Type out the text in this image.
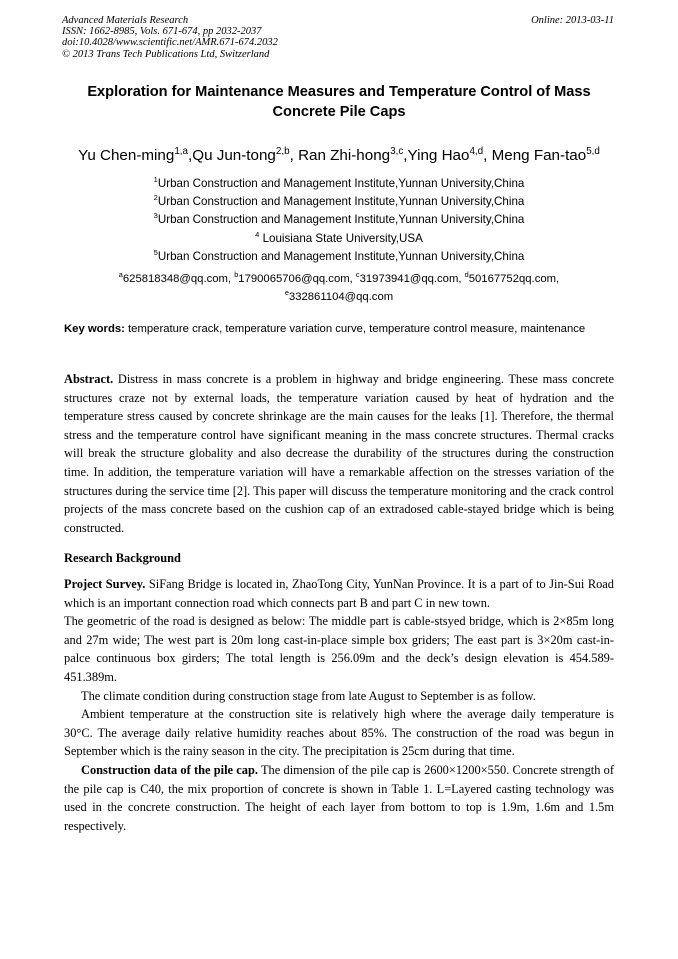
Advanced Materials Research
ISSN: 1662-8985, Vols. 671-674, pp 2032-2037
doi:10.4028/www.scientific.net/AMR.671-674.2032
© 2013 Trans Tech Publications Ltd, Switzerland
Online: 2013-03-11
Exploration for Maintenance Measures and Temperature Control of Mass Concrete Pile Caps
Yu Chen-ming$^{1,a}$,Qu Jun-tong$^{2,b}$, Ran Zhi-hong$^{3,c}$,Ying Hao$^{4,d}$, Meng Fan-tao$^{5,d}$
$^1$Urban Construction and Management Institute,Yunnan University,China
$^2$Urban Construction and Management Institute,Yunnan University,China
$^3$Urban Construction and Management Institute,Yunnan University,China
$^4$ Louisiana State University,USA
$^5$Urban Construction and Management Institute,Yunnan University,China
$^a$625818348@qq.com, $^b$1790065706@qq.com, $^c$31973941@qq.com, $^d$50167752qq.com,
$^e$332861104@qq.com
Key words: temperature crack, temperature variation curve, temperature control measure, maintenance
Abstract. Distress in mass concrete is a problem in highway and bridge engineering. These mass concrete structures craze not by external loads, the temperature variation caused by heat of hydration and the temperature stress caused by concrete shrinkage are the main causes for the leaks [1]. Therefore, the thermal stress and the temperature control have significant meaning in the mass concrete structures. Thermal cracks will break the structure globality and also decrease the durability of the structures during the construction time. In addition, the temperature variation will have a remarkable affection on the stresses variation of the structures during the service time [2]. This paper will discuss the temperature monitoring and the crack control projects of the mass concrete based on the cushion cap of an extradosed cable-stayed bridge which is being constructed.
Research Background

Project Survey. SiFang Bridge is located in, ZhaoTong City, YunNan Province. It is a part of to Jin-Sui Road which is an important connection road which connects part B and part C in new town.

The geometric of the road is designed as below: The middle part is cable-stsyed bridge, which is 2×85m long and 27m wide; The west part is 20m long cast-in-place simple box griders; The east part is 3×20m cast-in-palce continuous box girders; The total length is 256.09m and the deck’s design elevation is 454.589-451.389m.

The climate condition during construction stage from late August to September is as follow.

Ambient temperature at the construction site is relatively high where the average daily temperature is 30°C. The average daily relative humidity reaches about 85%. The construction of the road was begun in September which is the rainy season in the city. The precipitation is 25cm during that time.

Construction data of the pile cap. The dimension of the pile cap is 2600×1200×550. Concrete strength of the pile cap is C40, the mix proportion of concrete is shown in Table 1. L=Layered casting technology was used in the concrete construction. The height of each layer from bottom to top is 1.9m, 1.6m and 1.5m respectively.
